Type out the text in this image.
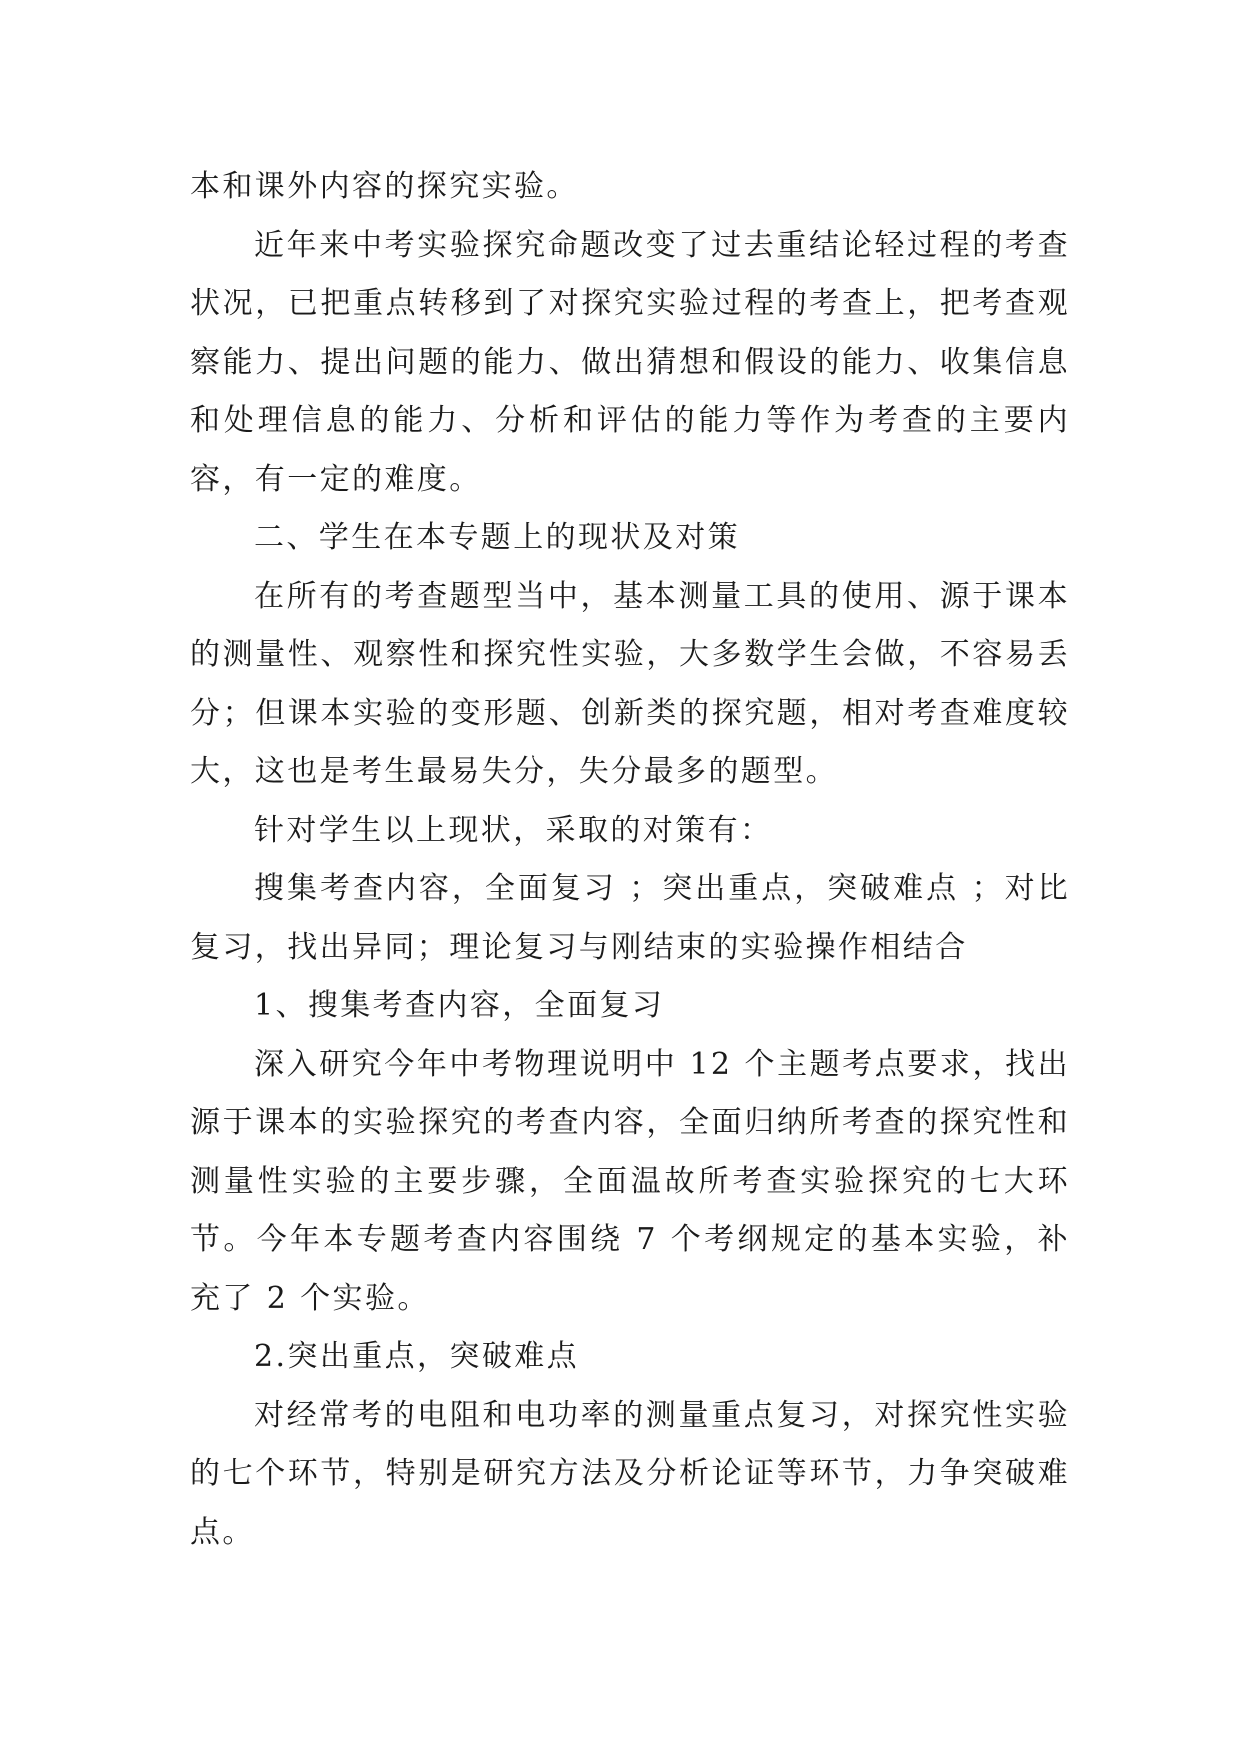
本和课外内容的探究实验。

近年来中考实验探究命题改变了过去重结论轻过程的考查状况，已把重点转移到了对探究实验过程的考查上，把考查观察能力、提出问题的能力、做出猜想和假设的能力、收集信息和处理信息的能力、分析和评估的能力等作为考查的主要内容，有一定的难度。

二、学生在本专题上的现状及对策

在所有的考查题型当中，基本测量工具的使用、源于课本的测量性、观察性和探究性实验，大多数学生会做，不容易丢分；但课本实验的变形题、创新类的探究题，相对考查难度较大，这也是考生最易失分，失分最多的题型。

针对学生以上现状，采取的对策有：

搜集考查内容，全面复习 ；突出重点，突破难点 ；对比复习，找出异同；理论复习与刚结束的实验操作相结合

1、搜集考查内容，全面复习

深入研究今年中考物理说明中 12 个主题考点要求，找出源于课本的实验探究的考查内容，全面归纳所考查的探究性和测量性实验的主要步骤，全面温故所考查实验探究的七大环节。今年本专题考查内容围绕 7 个考纲规定的基本实验，补充了 2 个实验。

2.突出重点，突破难点

对经常考的电阻和电功率的测量重点复习，对探究性实验的七个环节，特别是研究方法及分析论证等环节，力争突破难点。
